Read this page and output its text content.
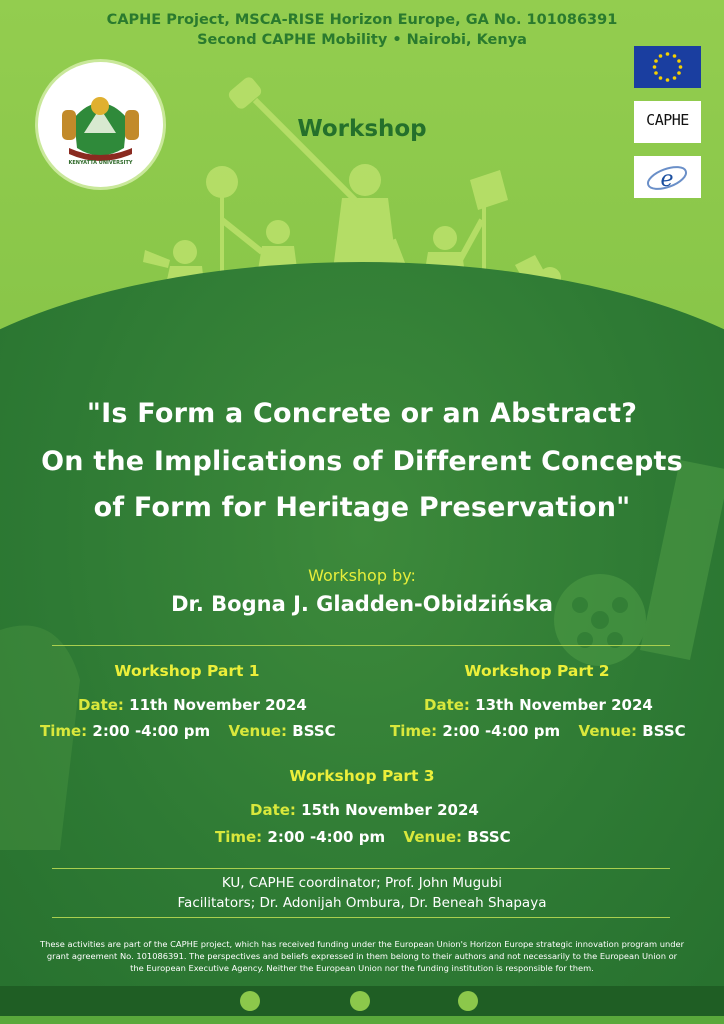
CAPHE Project, MSCA-RISE Horizon Europe, GA No. 101086391
Second CAPHE Mobility • Nairobi, Kenya
KENYATTA UNIVERSITY
CAPHE
e
Workshop
"Is Form a Concrete or an Abstract?
On the Implications of Different Concepts
of Form for Heritage Preservation"
Workshop by:
Dr. Bogna J. Gladden-Obidzińska
Workshop Part 1
Date: 11th November 2024
Time: 2:00 -4:00 pm Venue: BSSC
Workshop Part 2
Date: 13th November 2024
Time: 2:00 -4:00 pm Venue: BSSC
Workshop Part 3
Date: 15th November 2024
Time: 2:00 -4:00 pm Venue: BSSC
KU, CAPHE coordinator; Prof. John Mugubi
Facilitators; Dr. Adonijah Ombura, Dr. Beneah Shapaya
These activities are part of the CAPHE project, which has received funding under the European Union's Horizon Europe strategic innovation program under grant agreement No. 101086391. The perspectives and beliefs expressed in them belong to their authors and not necessarily to the European Union or the European Executive Agency. Neither the European Union nor the funding institution is responsible for them.
